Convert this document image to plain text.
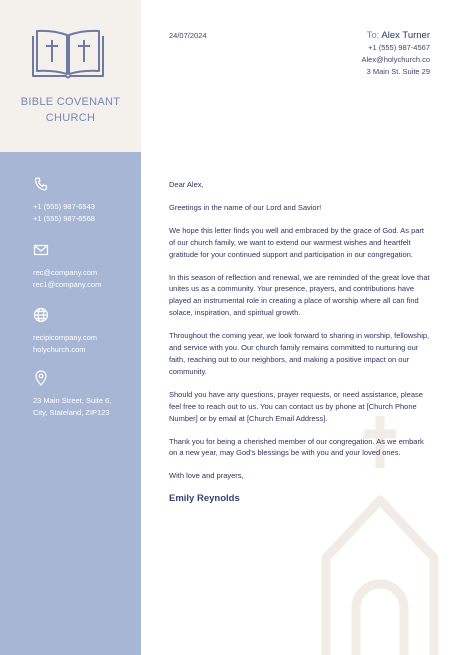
BIBLE COVENANT
CHURCH
+1 (555) 987-6543
+1 (555) 987-6568
rec@company.com
rec1@company.com
recipicompany.com
holychurch.com
23 Main Street, Suite 6,
City, Stateland, ZIP123
24/07/2024	To: Alex Turner
+1 (555) 987-4567
Alex@holychurch.co
3 Main St. Suite 29

Dear Alex,

Greetings in the name of our Lord and Savior!

We hope this letter finds you well and embraced by the grace of God. As part of our church family, we want to extend our warmest wishes and heartfelt gratitude for your continued support and participation in our congregation.

In this season of reflection and renewal, we are reminded of the great love that unites us as a community. Your presence, prayers, and contributions have played an instrumental role in creating a place of worship where all can find solace, inspiration, and spiritual growth.

Throughout the coming year, we look forward to sharing in worship, fellowship, and service with you. Our church family remains committed to nurturing our faith, reaching out to our neighbors, and making a positive impact on our community.

Should you have any questions, prayer requests, or need assistance, please feel free to reach out to us. You can contact us by phone at [Church Phone Number] or by email at [Church Email Address].

Thank you for being a cherished member of our congregation. As we embark on a new year, may God's blessings be with you and your loved ones.

With love and prayers,

Emily Reynolds
